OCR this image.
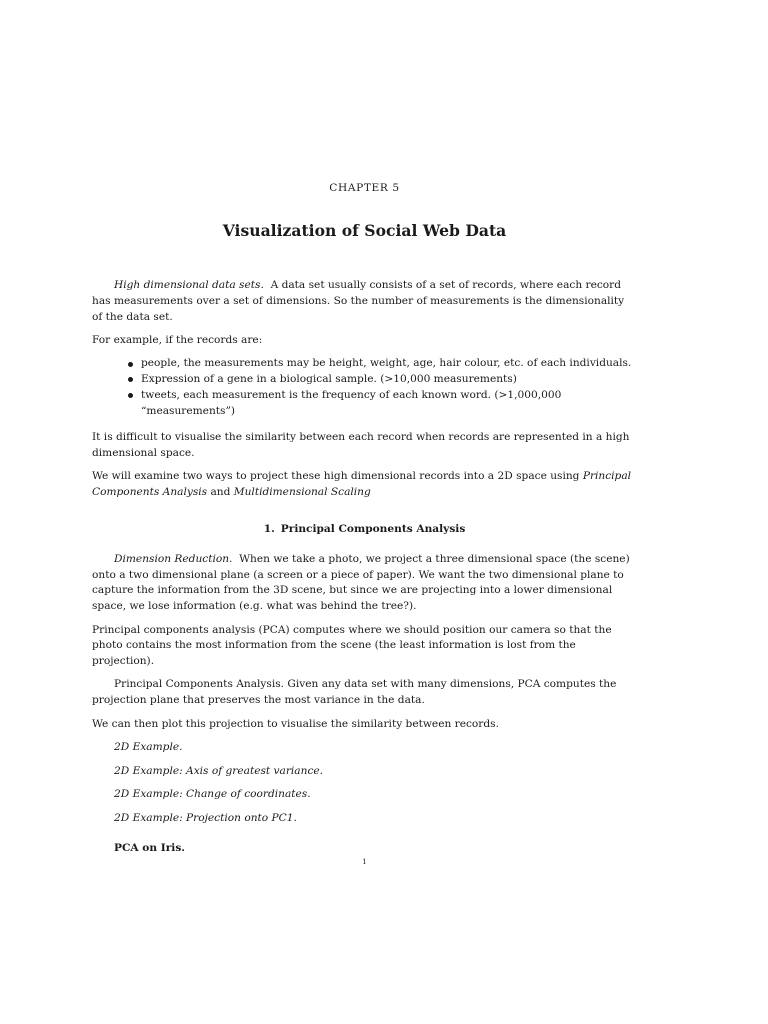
CHAPTER 5
Visualization of Social Web Data

High dimensional data sets. A data set usually consists of a set of records, where each record has measurements over a set of dimensions. So the number of measurements is the dimensionality of the data set.

For example, if the records are:

people, the measurements may be height, weight, age, hair colour, etc. of each individuals.
Expression of a gene in a biological sample. (>10,000 measurements)
tweets, each measurement is the frequency of each known word. (>1,000,000 “measurements”)

It is difficult to visualise the similarity between each record when records are represented in a high dimensional space.

We will examine two ways to project these high dimensional records into a 2D space using Principal Components Analysis and Multidimensional Scaling

1. Principal Components Analysis

Dimension Reduction. When we take a photo, we project a three dimensional space (the scene) onto a two dimensional plane (a screen or a piece of paper). We want the two dimensional plane to capture the information from the 3D scene, but since we are projecting into a lower dimensional space, we lose information (e.g. what was behind the tree?).

Principal components analysis (PCA) computes where we should position our camera so that the photo contains the most information from the scene (the least information is lost from the projection).

Principal Components Analysis. Given any data set with many dimensions, PCA computes the projection plane that preserves the most variance in the data.

We can then plot this projection to visualise the similarity between records.

2D Example.

2D Example: Axis of greatest variance.

2D Example: Change of coordinates.

2D Example: Projection onto PC1.

PCA on Iris.

1
